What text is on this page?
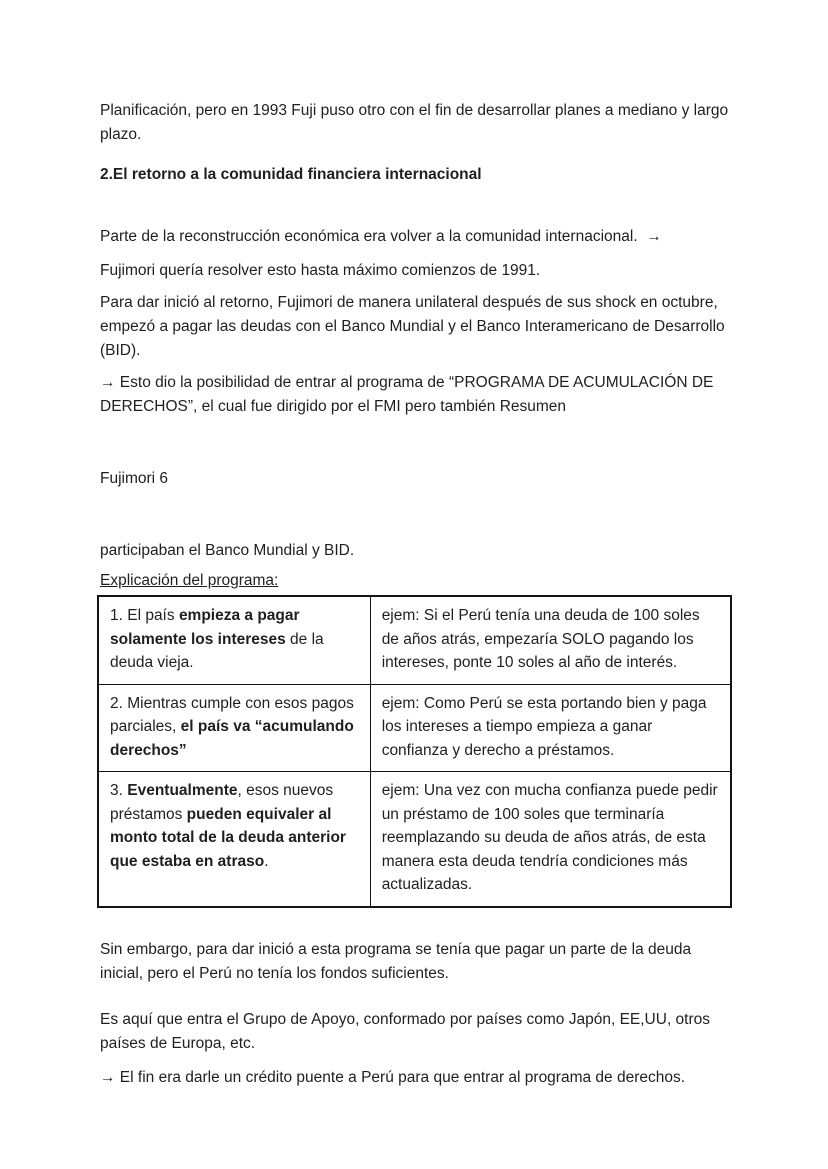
Planificación, pero en 1993 Fuji puso otro con el fin de desarrollar planes a mediano y largo plazo.

2.El retorno a la comunidad financiera internacional

Parte de la reconstrucción económica era volver a la comunidad internacional.  →

Fujimori quería resolver esto hasta máximo comienzos de 1991.

Para dar inició al retorno, Fujimori de manera unilateral después de sus shock en octubre, empezó a pagar las deudas con el Banco Mundial y el Banco Interamericano de Desarrollo (BID).

→ Esto dio la posibilidad de entrar al programa de “PROGRAMA DE ACUMULACIÓN DE DERECHOS”, el cual fue dirigido por el FMI pero también Resumen

Fujimori 6

participaban el Banco Mundial y BID.

Explicación del programa:

1. El país empieza a pagar solamente los intereses de la deuda vieja.	ejem: Si el Perú tenía una deuda de 100 soles de años atrás, empezaría SOLO pagando los intereses, ponte 10 soles al año de interés.
2. Mientras cumple con esos pagos parciales, el país va “acumulando derechos”	ejem: Como Perú se esta portando bien y paga los intereses a tiempo empieza a ganar confianza y derecho a préstamos.
3. Eventualmente, esos nuevos préstamos pueden equivaler al monto total de la deuda anterior que estaba en atraso.	ejem: Una vez con mucha confianza puede pedir un préstamo de 100 soles que terminaría reemplazando su deuda de años atrás, de esta manera esta deuda tendría condiciones más actualizadas.

Sin embargo, para dar inició a esta programa se tenía que pagar un parte de la deuda inicial, pero el Perú no tenía los fondos suficientes.

Es aquí que entra el Grupo de Apoyo, conformado por países como Japón, EE,UU, otros países de Europa, etc.

→ El fin era darle un crédito puente a Perú para que entrar al programa de derechos.
